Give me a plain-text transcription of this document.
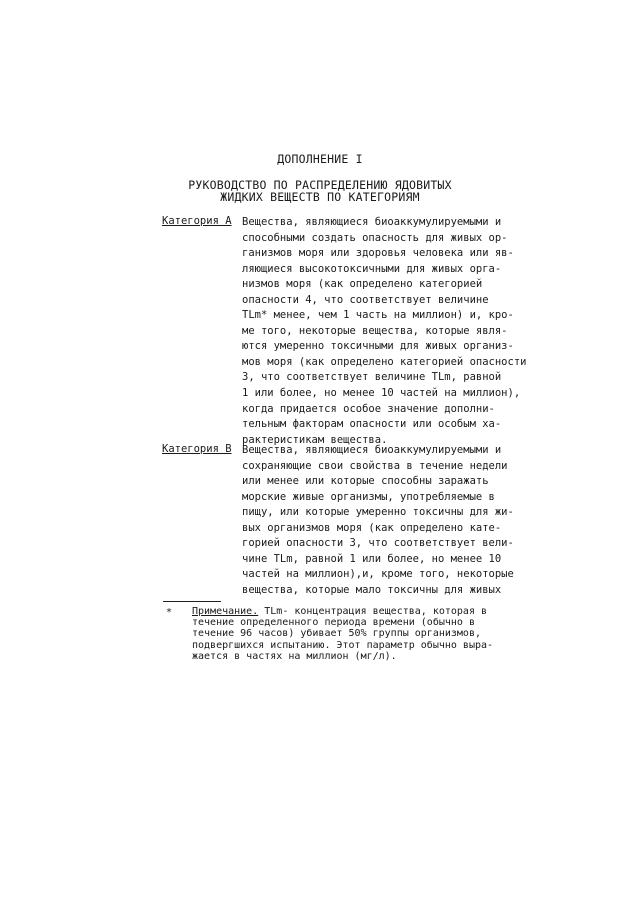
ДОПОЛНЕНИЕ I
РУКОВОДСТВО ПО РАСПРЕДЕЛЕНИЮ ЯДОВИТЫХ
ЖИДКИХ ВЕЩЕСТВ ПО КАТЕГОРИЯМ
Категория А Вещества, являющиеся биоаккумулируемыми и
способными создать опасность для живых ор-
ганизмов моря или здоровья человека или яв-
ляющиеся высокотоксичными для живых орга-
низмов моря (как определено категорией
опасности 4, что соответствует величине
TLm* менее, чем 1 часть на миллион) и, кро-
ме того, некоторые вещества, которые явля-
ются умеренно токсичными для живых организ-
мов моря (как определено категорией опасности
3, что соответствует величине TLm, равной
1 или более, но менее 10 частей на миллион),
когда придается особое значение дополни-
тельным факторам опасности или особым ха-
рактеристикам вещества.
Категория В Вещества, являющиеся биоаккумулируемыми и
сохраняющие свои свойства в течение недели
или менее или которые способны заражать
морские живые организмы, употребляемые в
пищу, или которые умеренно токсичны для жи-
вых организмов моря (как определено кате-
горией опасности 3, что соответствует вели-
чине TLm, равной 1 или более, но менее 10
частей на миллион),и, кроме того, некоторые
вещества, которые мало токсичны для живых
* Примечание. TLm- концентрация вещества, которая в
течение определенного периода времени (обычно в
течение 96 часов) убивает 50% группы организмов,
подвергшихся испытанию. Этот параметр обычно выра-
жается в частях на миллион (мг/л).
